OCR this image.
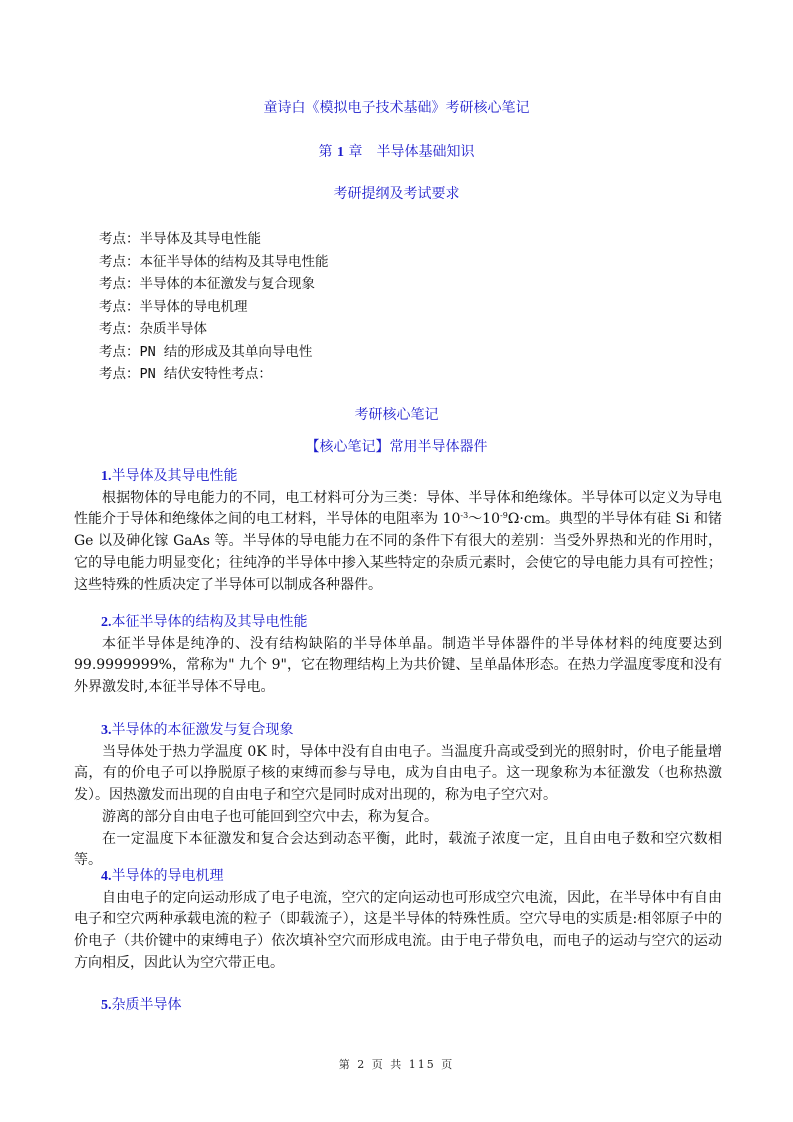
童诗白《模拟电子技术基础》考研核心笔记
第 1 章　半导体基础知识
考研提纲及考试要求
考点：半导体及其导电性能
考点：本征半导体的结构及其导电性能
考点：半导体的本征激发与复合现象
考点：半导体的导电机理
考点：杂质半导体
考点：PN 结的形成及其单向导电性
考点：PN 结伏安特性考点：
考研核心笔记
【核心笔记】常用半导体器件
1.半导体及其导电性能

根据物体的导电能力的不同，电工材料可分为三类：导体、半导体和绝缘体。半导体可以定义为导电性能介于导体和绝缘体之间的电工材料，半导体的电阻率为 $10^{-3}\sim 10^{-9}\Omega\cdot cm$。典型的半导体有硅 Si 和锗 Ge 以及砷化镓 GaAs 等。半导体的导电能力在不同的条件下有很大的差别：当受外界热和光的作用时，它的导电能力明显变化；往纯净的半导体中掺入某些特定的杂质元素时，会使它的导电能力具有可控性；这些特殊的性质决定了半导体可以制成各种器件。

2.本征半导体的结构及其导电性能

本征半导体是纯净的、没有结构缺陷的半导体单晶。制造半导体器件的半导体材料的纯度要达到 99.9999999%，常称为" 九个 9"，它在物理结构上为共价键、呈单晶体形态。在热力学温度零度和没有外界激发时,本征半导体不导电。

3.半导体的本征激发与复合现象

当导体处于热力学温度 0K 时，导体中没有自由电子。当温度升高或受到光的照射时，价电子能量增高，有的价电子可以挣脱原子核的束缚而参与导电，成为自由电子。这一现象称为本征激发（也称热激发）。因热激发而出现的自由电子和空穴是同时成对出现的，称为电子空穴对。

游离的部分自由电子也可能回到空穴中去，称为复合。

在一定温度下本征激发和复合会达到动态平衡，此时，载流子浓度一定，且自由电子数和空穴数相等。

4.半导体的导电机理

自由电子的定向运动形成了电子电流，空穴的定向运动也可形成空穴电流，因此，在半导体中有自由电子和空穴两种承载电流的粒子（即载流子），这是半导体的特殊性质。空穴导电的实质是:相邻原子中的价电子（共价键中的束缚电子）依次填补空穴而形成电流。由于电子带负电，而电子的运动与空穴的运动方向相反，因此认为空穴带正电。

5.杂质半导体
第 2 页 共 115 页
